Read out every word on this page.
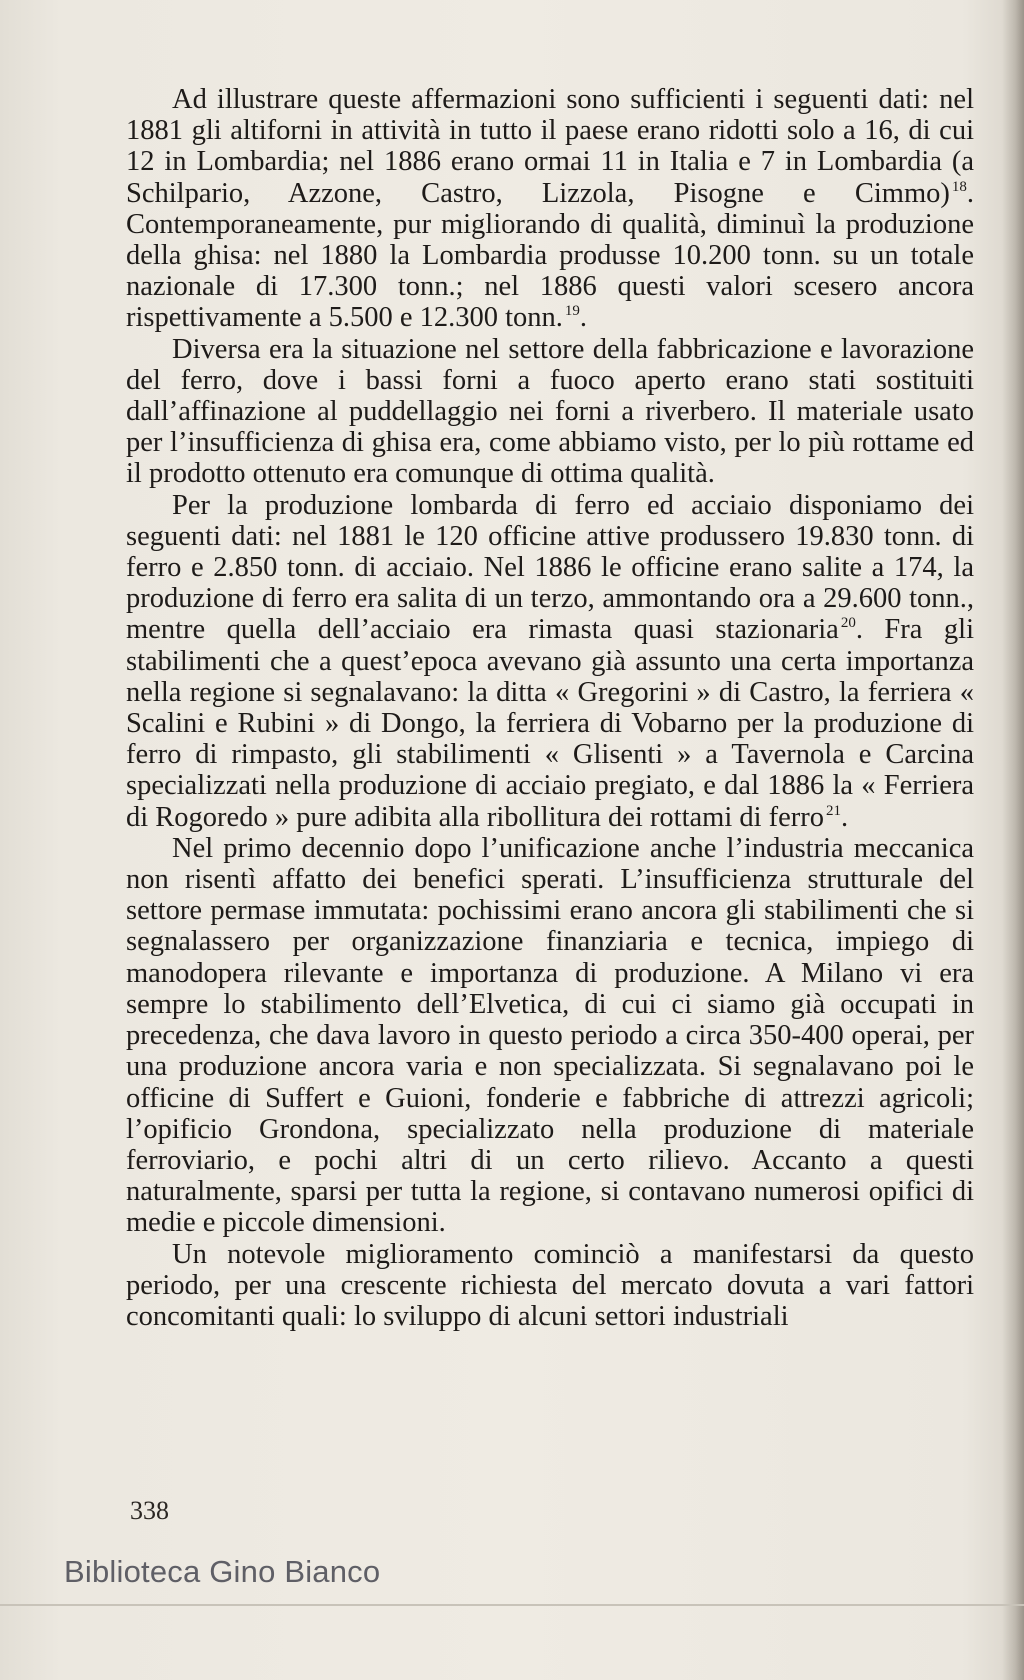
Ad illustrare queste affermazioni sono sufficienti i seguenti dati: nel 1881 gli altiforni in attività in tutto il paese erano ridotti solo a 16, di cui 12 in Lombardia; nel 1886 erano ormai 11 in Italia e 7 in Lombardia (a Schilpario, Azzone, Castro, Lizzola, Pisogne e Cimmo) $^{18}$. Contemporaneamente, pur migliorando di qualità, diminuì la produzione della ghisa: nel 1880 la Lombardia produsse 10.200 tonn. su un totale nazionale di 17.300 tonn.; nel 1886 questi valori scesero ancora rispettivamente a 5.500 e 12.300 tonn. $^{19}$.

Diversa era la situazione nel settore della fabbricazione e lavorazione del ferro, dove i bassi forni a fuoco aperto erano stati sostituiti dall’affinazione al puddellaggio nei forni a riverbero. Il materiale usato per l’insufficienza di ghisa era, come abbiamo visto, per lo più rottame ed il prodotto ottenuto era comunque di ottima qualità.

Per la produzione lombarda di ferro ed acciaio disponiamo dei seguenti dati: nel 1881 le 120 officine attive produssero 19.830 tonn. di ferro e 2.850 tonn. di acciaio. Nel 1886 le officine erano salite a 174, la produzione di ferro era salita di un terzo, ammontando ora a 29.600 tonn., mentre quella dell’acciaio era rimasta quasi stazionaria $^{20}$. Fra gli stabilimenti che a quest’epoca avevano già assunto una certa importanza nella regione si segnalavano: la ditta « Gregorini » di Castro, la ferriera « Scalini e Rubini » di Dongo, la ferriera di Vobarno per la produzione di ferro di rimpasto, gli stabilimenti « Glisenti » a Tavernola e Carcina specializzati nella produzione di acciaio pregiato, e dal 1886 la « Ferriera di Rogoredo » pure adibita alla ribollitura dei rottami di ferro $^{21}$.

Nel primo decennio dopo l’unificazione anche l’industria meccanica non risentì affatto dei benefici sperati. L’insufficienza strutturale del settore permase immutata: pochissimi erano ancora gli stabilimenti che si segnalassero per organizzazione finanziaria e tecnica, impiego di manodopera rilevante e importanza di produzione. A Milano vi era sempre lo stabilimento dell’Elvetica, di cui ci siamo già occupati in precedenza, che dava lavoro in questo periodo a circa 350-400 operai, per una produzione ancora varia e non specializzata. Si segnalavano poi le officine di Suffert e Guioni, fonderie e fabbriche di attrezzi agricoli; l’opificio Grondona, specializzato nella produzione di materiale ferroviario, e pochi altri di un certo rilievo. Accanto a questi naturalmente, sparsi per tutta la regione, si contavano numerosi opifici di medie e piccole dimensioni.

Un notevole miglioramento cominciò a manifestarsi da questo periodo, per una crescente richiesta del mercato dovuta a vari fattori concomitanti quali: lo sviluppo di alcuni settori industriali

338
Biblioteca Gino Bianco
